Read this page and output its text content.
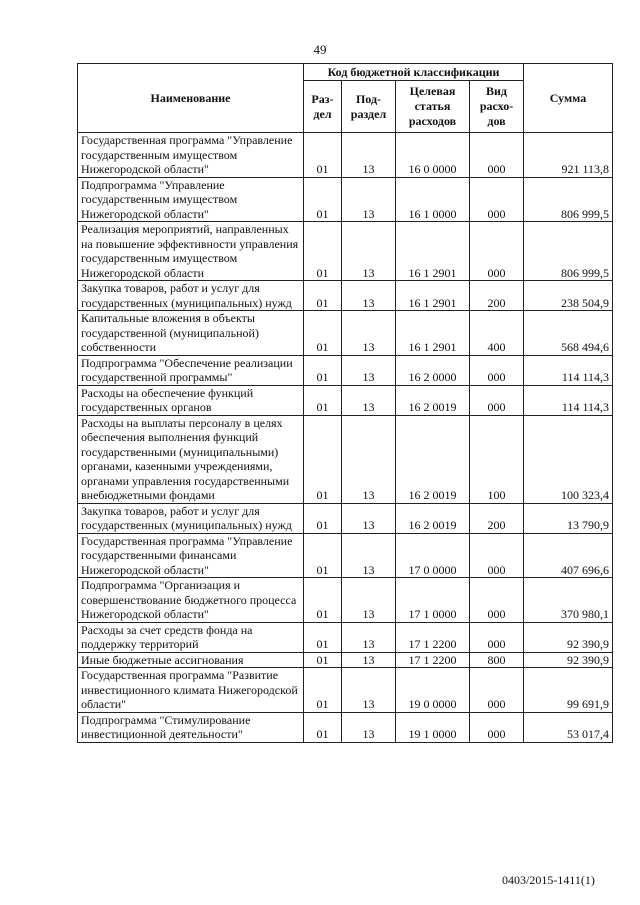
49
Наименование	Код бюджетной классификации				Сумма
	Раз-дел	Под-раздел	Целевая статья расходов	Вид расхо-дов	
Государственная программа "Управление государственным имуществом Нижегородской области"	01	13	16 0 0000	000	921 113,8
Подпрограмма "Управление государственным имуществом Нижегородской области"	01	13	16 1 0000	000	806 999,5
Реализация мероприятий, направленных на повышение эффективности управления государственным имуществом Нижегородской области	01	13	16 1 2901	000	806 999,5
Закупка товаров, работ и услуг для государственных (муниципальных) нужд	01	13	16 1 2901	200	238 504,9
Капитальные вложения в объекты государственной (муниципальной) собственности	01	13	16 1 2901	400	568 494,6
Подпрограмма "Обеспечение реализации государственной программы"	01	13	16 2 0000	000	114 114,3
Расходы на обеспечение функций государственных органов	01	13	16 2 0019	000	114 114,3
Расходы на выплаты персоналу в целях обеспечения выполнения функций государственными (муниципальными) органами, казенными учреждениями, органами управления государственными внебюджетными фондами	01	13	16 2 0019	100	100 323,4
Закупка товаров, работ и услуг для государственных (муниципальных) нужд	01	13	16 2 0019	200	13 790,9
Государственная программа "Управление государственными финансами Нижегородской области"	01	13	17 0 0000	000	407 696,6
Подпрограмма "Организация и совершенствование бюджетного процесса Нижегородской области"	01	13	17 1 0000	000	370 980,1
Расходы за счет средств фонда на поддержку территорий	01	13	17 1 2200	000	92 390,9
Иные бюджетные ассигнования	01	13	17 1 2200	800	92 390,9
Государственная программа "Развитие инвестиционного климата Нижегородской области"	01	13	19 0 0000	000	99 691,9
Подпрограмма "Стимулирование инвестиционной деятельности"	01	13	19 1 0000	000	53 017,4
0403/2015-1411(1)
